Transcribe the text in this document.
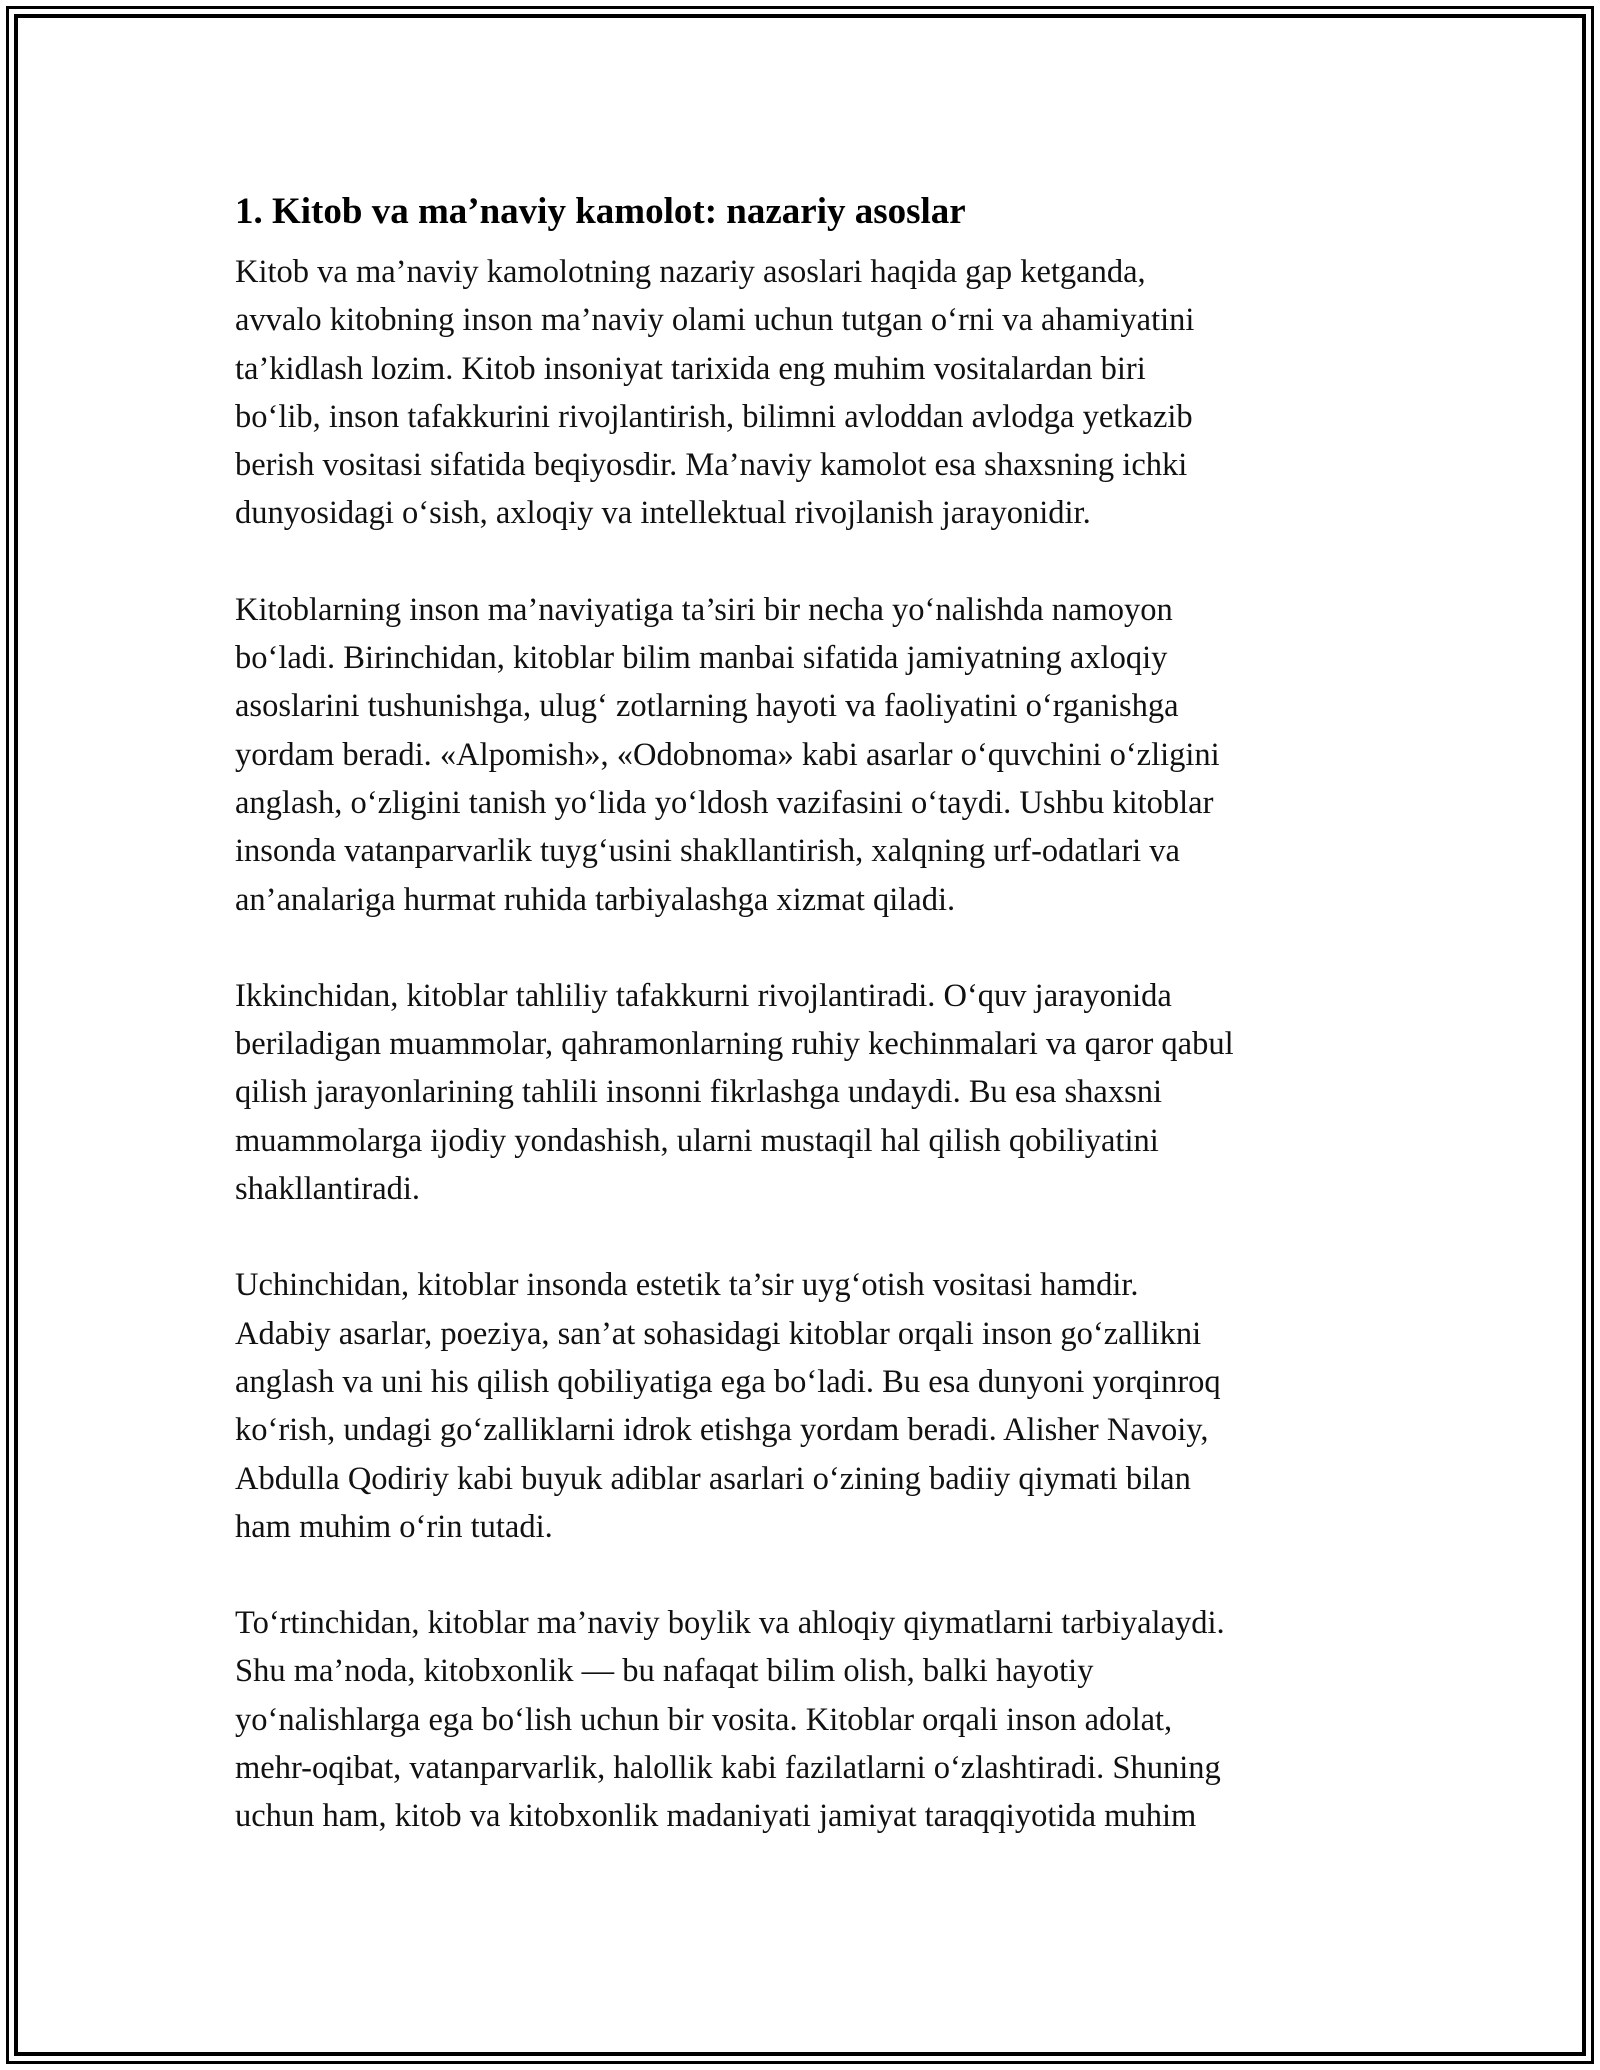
1. Kitob va ma’naviy kamolot: nazariy asoslar
Kitob va ma’naviy kamolotning nazariy asoslari haqida gap ketganda,
avvalo kitobning inson ma’naviy olami uchun tutgan o‘rni va ahamiyatini
ta’kidlash lozim. Kitob insoniyat tarixida eng muhim vositalardan biri
bo‘lib, inson tafakkurini rivojlantirish, bilimni avloddan avlodga yetkazib
berish vositasi sifatida beqiyosdir. Ma’naviy kamolot esa shaxsning ichki
dunyosidagi o‘sish, axloqiy va intellektual rivojlanish jarayonidir.
Kitoblarning inson ma’naviyatiga ta’siri bir necha yo‘nalishda namoyon
bo‘ladi. Birinchidan, kitoblar bilim manbai sifatida jamiyatning axloqiy
asoslarini tushunishga, ulug‘ zotlarning hayoti va faoliyatini o‘rganishga
yordam beradi. «Alpomish», «Odobnoma» kabi asarlar o‘quvchini o‘zligini
anglash, o‘zligini tanish yo‘lida yo‘ldosh vazifasini o‘taydi. Ushbu kitoblar
insonda vatanparvarlik tuyg‘usini shakllantirish, xalqning urf-odatlari va
an’analariga hurmat ruhida tarbiyalashga xizmat qiladi.
Ikkinchidan, kitoblar tahliliy tafakkurni rivojlantiradi. O‘quv jarayonida
beriladigan muammolar, qahramonlarning ruhiy kechinmalari va qaror qabul
qilish jarayonlarining tahlili insonni fikrlashga undaydi. Bu esa shaxsni
muammolarga ijodiy yondashish, ularni mustaqil hal qilish qobiliyatini
shakllantiradi.
Uchinchidan, kitoblar insonda estetik ta’sir uyg‘otish vositasi hamdir.
Adabiy asarlar, poeziya, san’at sohasidagi kitoblar orqali inson go‘zallikni
anglash va uni his qilish qobiliyatiga ega bo‘ladi. Bu esa dunyoni yorqinroq
ko‘rish, undagi go‘zalliklarni idrok etishga yordam beradi. Alisher Navoiy,
Abdulla Qodiriy kabi buyuk adiblar asarlari o‘zining badiiy qiymati bilan
ham muhim o‘rin tutadi.
To‘rtinchidan, kitoblar ma’naviy boylik va ahloqiy qiymatlarni tarbiyalaydi.
Shu ma’noda, kitobxonlik — bu nafaqat bilim olish, balki hayotiy
yo‘nalishlarga ega bo‘lish uchun bir vosita. Kitoblar orqali inson adolat,
mehr-oqibat, vatanparvarlik, halollik kabi fazilatlarni o‘zlashtiradi. Shuning
uchun ham, kitob va kitobxonlik madaniyati jamiyat taraqqiyotida muhim
